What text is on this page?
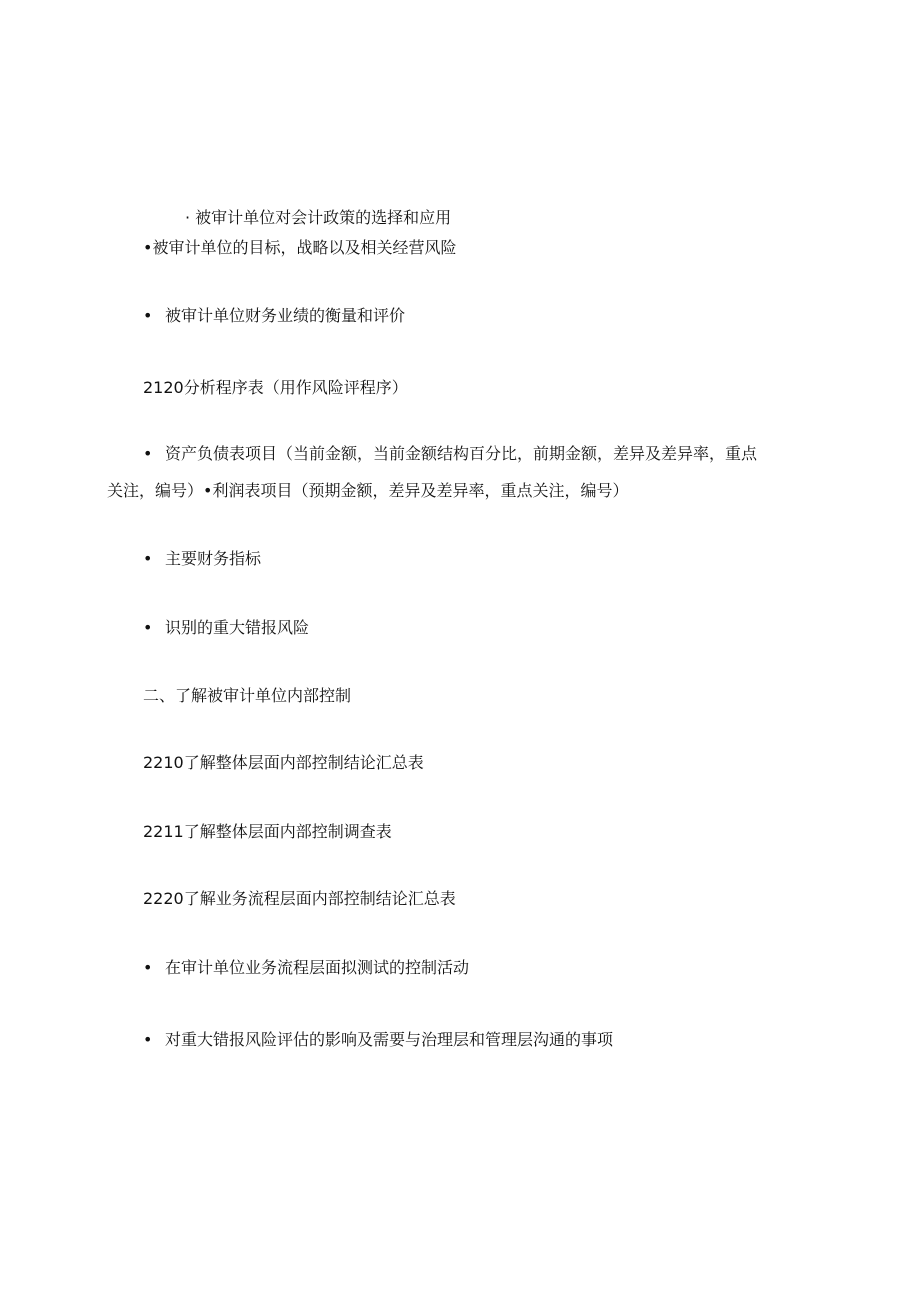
· 被审计单位对会计政策的选择和应用
•被审计单位的目标，战略以及相关经营风险
• 被审计单位财务业绩的衡量和评价
2120分析程序表（用作风险评程序）
• 资产负债表项目（当前金额，当前金额结构百分比，前期金额，差异及差异率，重点
关注，编号）•利润表项目（预期金额，差异及差异率，重点关注，编号）
• 主要财务指标
• 识别的重大错报风险
二、了解被审计单位内部控制
2210了解整体层面内部控制结论汇总表
2211了解整体层面内部控制调查表
2220了解业务流程层面内部控制结论汇总表
• 在审计单位业务流程层面拟测试的控制活动
• 对重大错报风险评估的影响及需要与治理层和管理层沟通的事项
